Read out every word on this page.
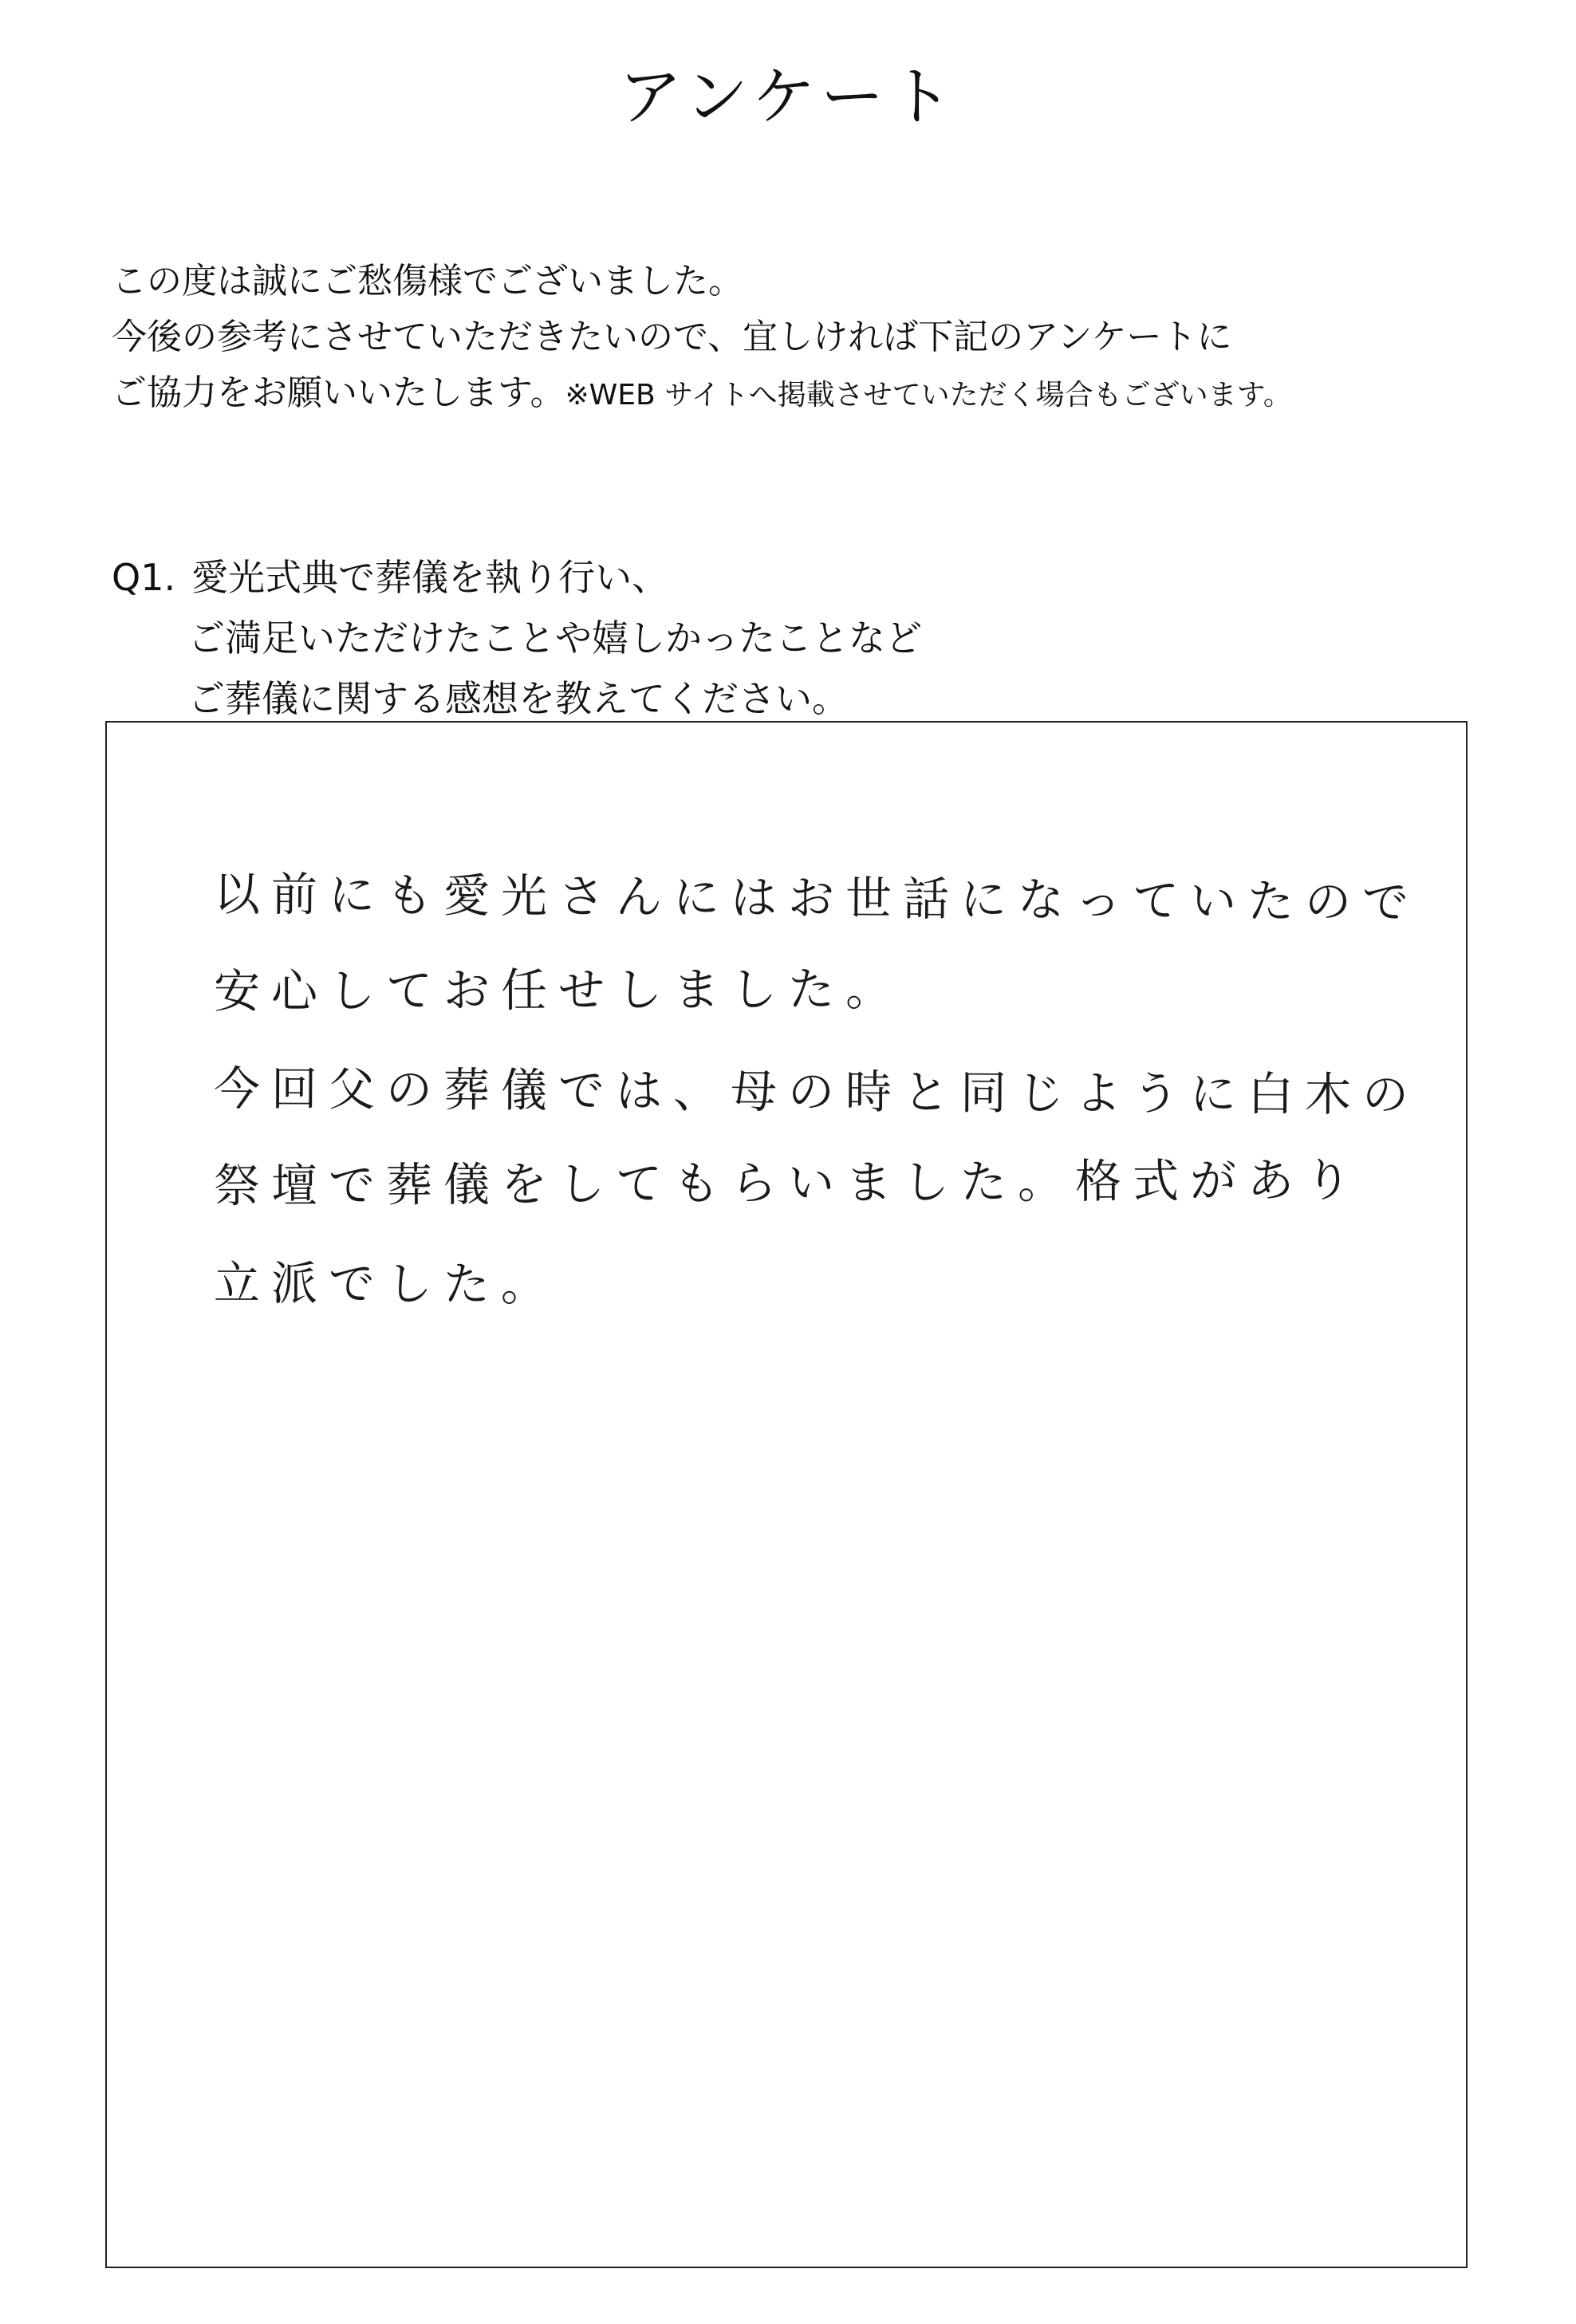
アンケート
この度は誠にご愁傷様でございました。
今後の参考にさせていただきたいので、宜しければ下記のアンケートに
ご協力をお願いいたします。※WEB サイトへ掲載させていただく場合もございます。
Q1. 愛光式典で葬儀を執り行い、
ご満足いただけたことや嬉しかったことなど
ご葬儀に関する感想を教えてください。
以前にも愛光さんにはお世話になっていたので
安心してお任せしました。
今回父の葬儀では、母の時と同じように白木の
祭壇で葬儀をしてもらいました。格式があり
立派でした。
